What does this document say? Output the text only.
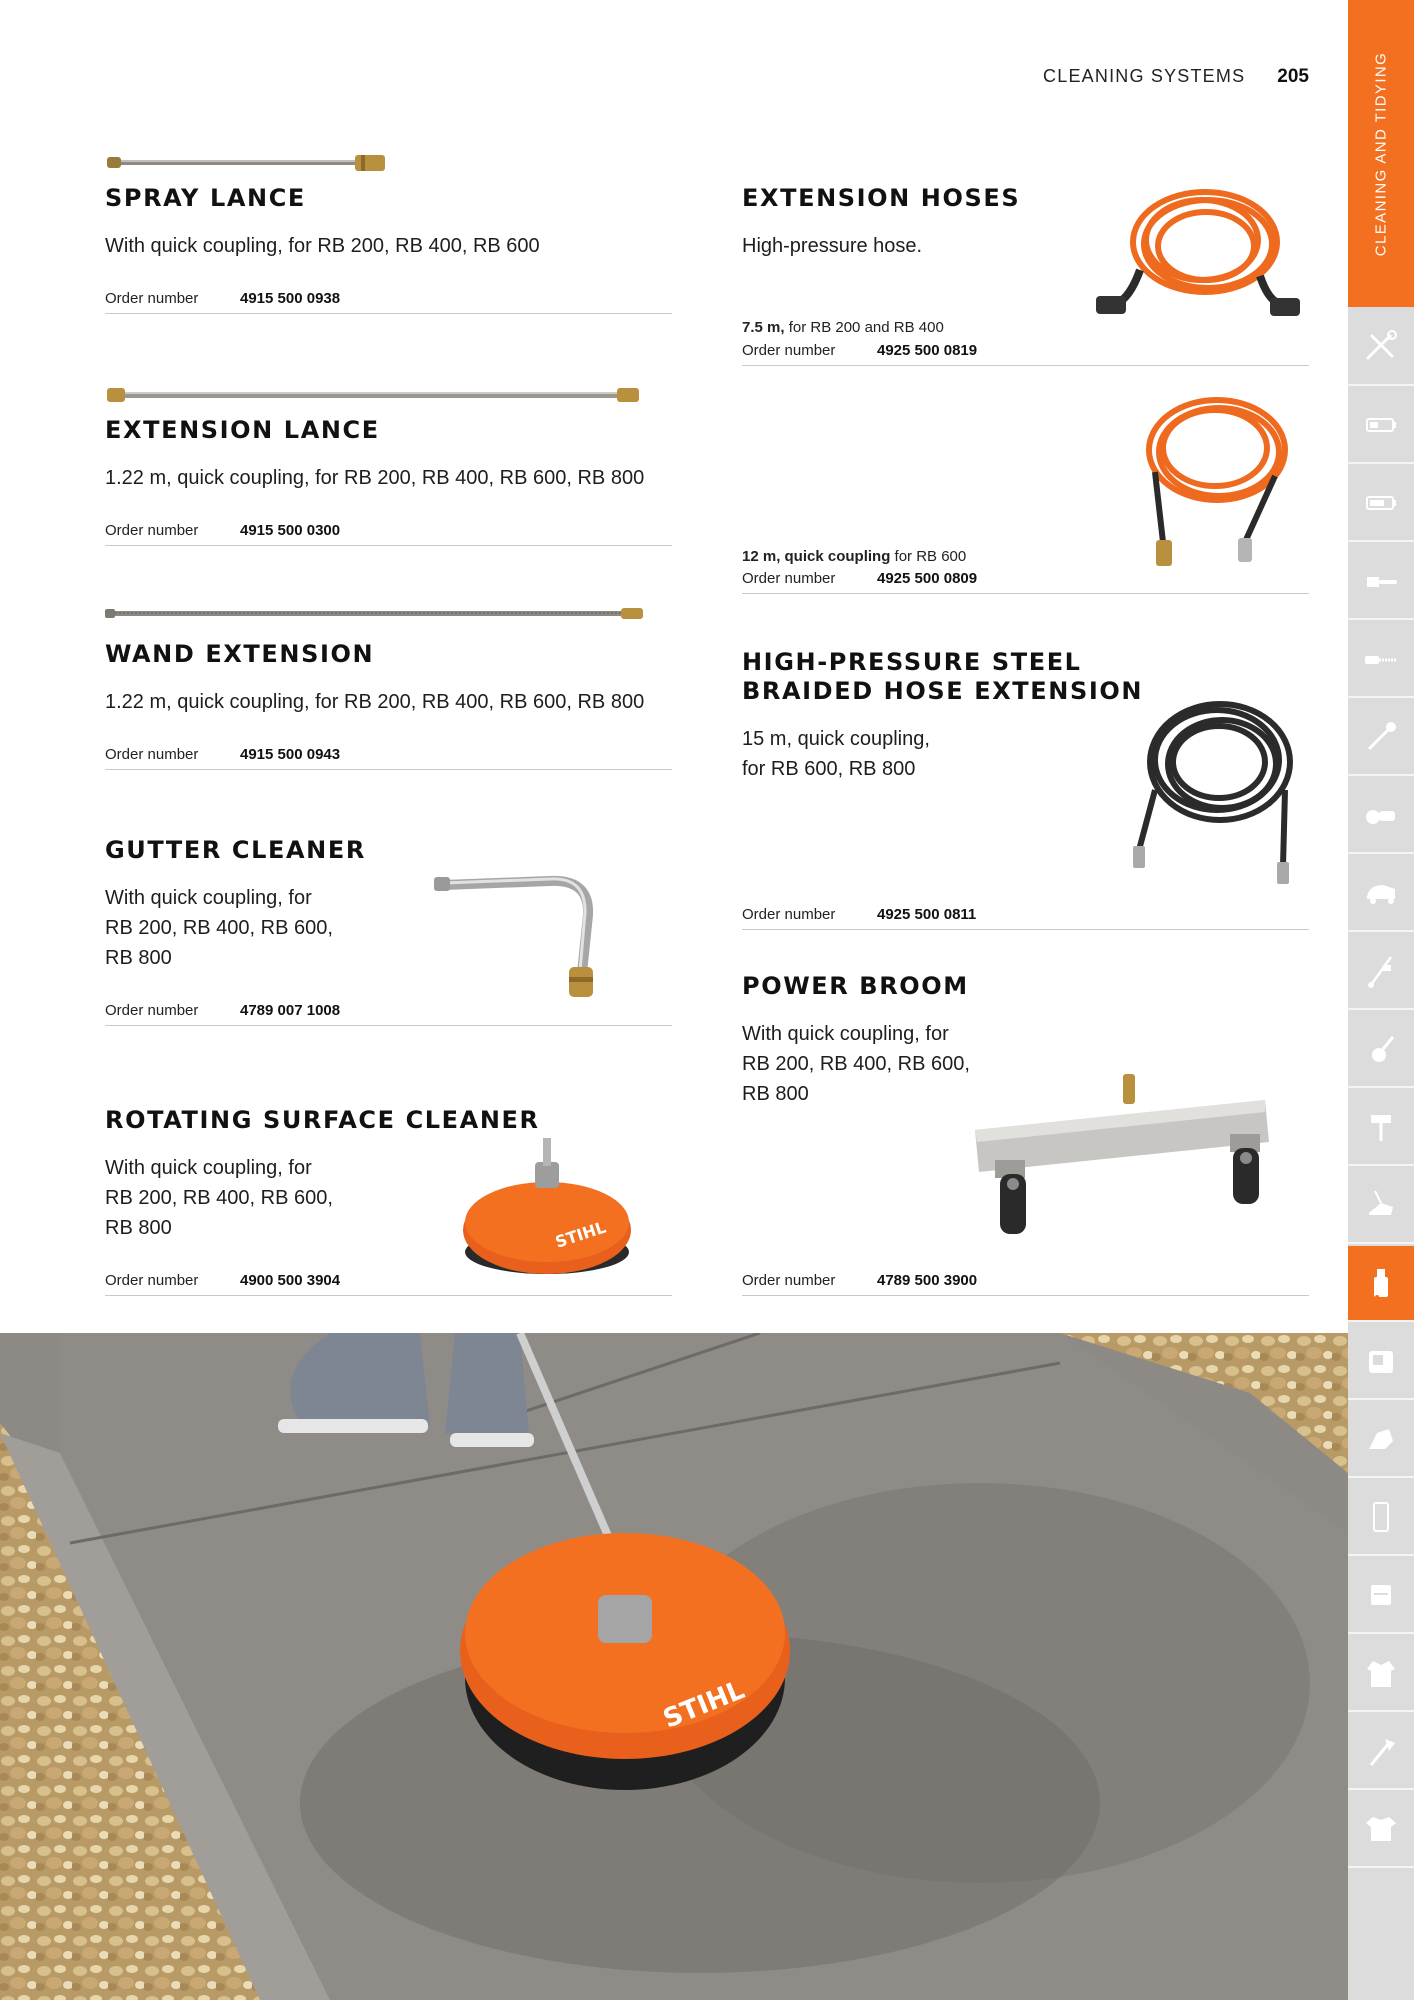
CLEANING SYSTEMS 205
SPRAY LANCE

With quick coupling, for RB 200, RB 400, RB 600

Order number	4915 500 0938
EXTENSION LANCE

1.22 m, quick coupling, for RB 200, RB 400, RB 600, RB 800

Order number	4915 500 0300
WAND EXTENSION

1.22 m, quick coupling, for RB 200, RB 400, RB 600, RB 800

Order number	4915 500 0943
GUTTER CLEANER

With quick coupling, for
RB 200, RB 400, RB 600,
RB 800

Order number	4789 007 1008
ROTATING SURFACE CLEANER

With quick coupling, for
RB 200, RB 400, RB 600,
RB 800

Order number	4900 500 3904
STIHL
EXTENSION HOSES

High-pressure hose.

7.5 m, for RB 200 and RB 400
Order number	4925 500 0819
12 m, quick coupling for RB 600
Order number	4925 500 0809
HIGH-PRESSURE STEEL
BRAIDED HOSE EXTENSION

15 m, quick coupling,
for RB 600, RB 800

Order number	4925 500 0811
POWER BROOM

With quick coupling, for
RB 200, RB 400, RB 600,
RB 800

Order number	4789 500 3900
STIHL
CLEANING AND TIDYING
